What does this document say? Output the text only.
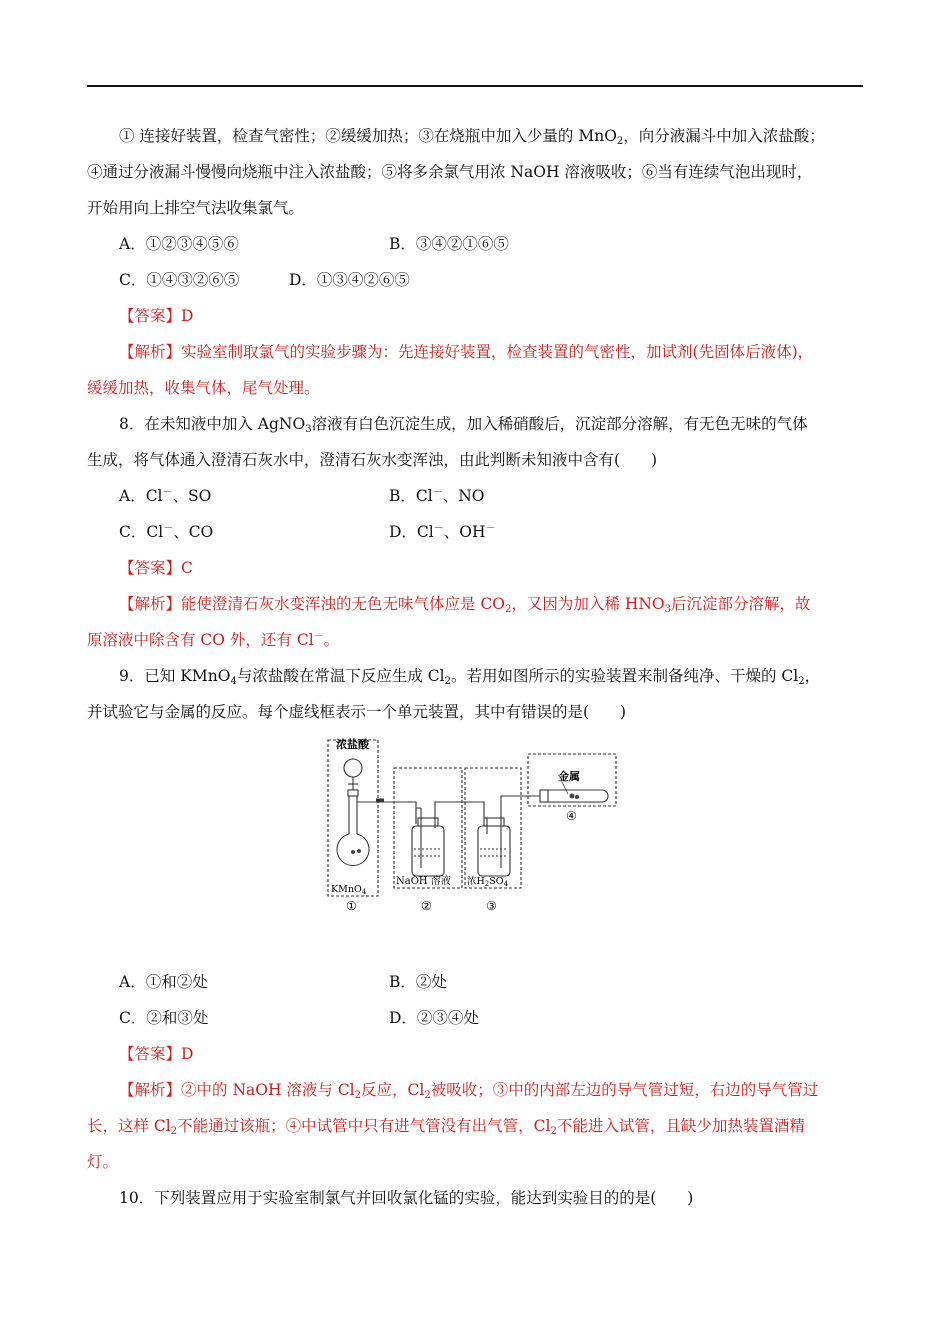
① 连接好装置，检查气密性；②缓缓加热；③在烧瓶中加入少量的 MnO$_2$，向分液漏斗中加入浓盐酸；

④通过分液漏斗慢慢向烧瓶中注入浓盐酸；⑤将多余氯气用浓 NaOH 溶液吸收；⑥当有连续气泡出现时，

开始用向上排空气法收集氯气。

A．①②③④⑤⑥	B．③④②①⑥⑤
C．①④③②⑥⑤	D．①③④②⑥⑤

【答案】D

【解析】实验室制取氯气的实验步骤为：先连接好装置，检查装置的气密性，加试剂(先固体后液体)，

缓缓加热，收集气体，尾气处理。

8．在未知液中加入 AgNO$_3$溶液有白色沉淀生成，加入稀硝酸后，沉淀部分溶解，有无色无味的气体

生成，将气体通入澄清石灰水中，澄清石灰水变浑浊，由此判断未知液中含有(　　)

A．Cl－、SO	B．Cl－、NO
C．Cl－、CO	D．Cl－、OH－

【答案】C

【解析】能使澄清石灰水变浑浊的无色无味气体应是 $CO_2$，又因为加入稀 $HNO_3$后沉淀部分溶解，故

原溶液中除含有 CO 外，还有 Cl－。

9．已知 KMnO$_4$与浓盐酸在常温下反应生成 $Cl_2$。若用如图所示的实验装置来制备纯净、干燥的 $Cl_2$，

并试验它与金属的反应。每个虚线框表示一个单元装置，其中有错误的是(　　)

浓盐酸
金属
KMnO$_4$
NaOH 溶液 浓$H_2SO_4$
①	②	③
④
A．①和②处	B．②处
C．②和③处	D．②③④处

【答案】D

【解析】②中的 NaOH 溶液与 $Cl_2$反应，$Cl_2$被吸收；③中的内部左边的导气管过短，右边的导气管过

长，这样 $Cl_2$不能通过该瓶；④中试管中只有进气管没有出气管，$Cl_2$不能进入试管，且缺少加热装置酒精

灯。

10．下列装置应用于实验室制氯气并回收氯化锰的实验，能达到实验目的的是(　　)
